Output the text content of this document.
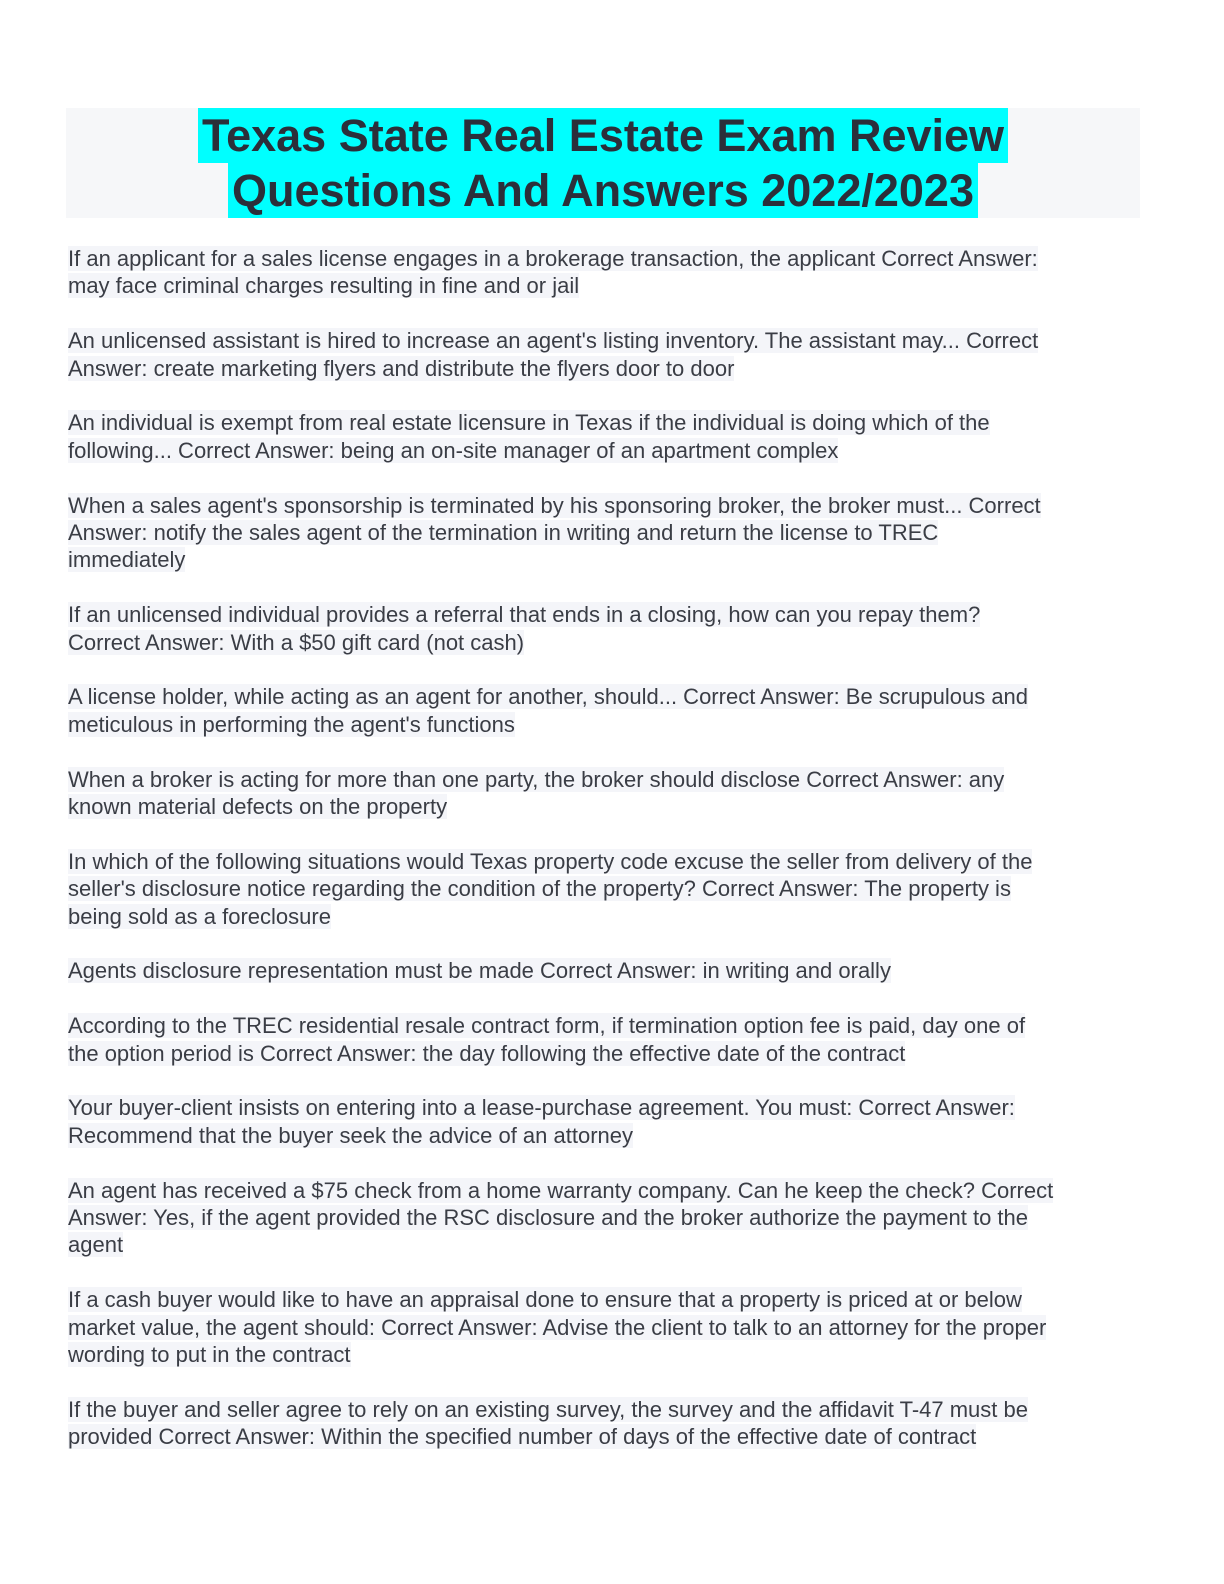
Texas State Real Estate Exam Review
Questions And Answers 2022/2023
If an applicant for a sales license engages in a brokerage transaction, the applicant Correct Answer:
may face criminal charges resulting in fine and or jail
An unlicensed assistant is hired to increase an agent's listing inventory. The assistant may... Correct
Answer: create marketing flyers and distribute the flyers door to door
An individual is exempt from real estate licensure in Texas if the individual is doing which of the
following... Correct Answer: being an on-site manager of an apartment complex
When a sales agent's sponsorship is terminated by his sponsoring broker, the broker must... Correct
Answer: notify the sales agent of the termination in writing and return the license to TREC
immediately
If an unlicensed individual provides a referral that ends in a closing, how can you repay them?
Correct Answer: With a $50 gift card (not cash)
A license holder, while acting as an agent for another, should... Correct Answer: Be scrupulous and
meticulous in performing the agent's functions
When a broker is acting for more than one party, the broker should disclose Correct Answer: any
known material defects on the property
In which of the following situations would Texas property code excuse the seller from delivery of the
seller's disclosure notice regarding the condition of the property? Correct Answer: The property is
being sold as a foreclosure
Agents disclosure representation must be made Correct Answer: in writing and orally
According to the TREC residential resale contract form, if termination option fee is paid, day one of
the option period is Correct Answer: the day following the effective date of the contract
Your buyer-client insists on entering into a lease-purchase agreement. You must: Correct Answer:
Recommend that the buyer seek the advice of an attorney
An agent has received a $75 check from a home warranty company. Can he keep the check? Correct
Answer: Yes, if the agent provided the RSC disclosure and the broker authorize the payment to the
agent
If a cash buyer would like to have an appraisal done to ensure that a property is priced at or below
market value, the agent should: Correct Answer: Advise the client to talk to an attorney for the proper
wording to put in the contract
If the buyer and seller agree to rely on an existing survey, the survey and the affidavit T-47 must be
provided Correct Answer: Within the specified number of days of the effective date of contract
